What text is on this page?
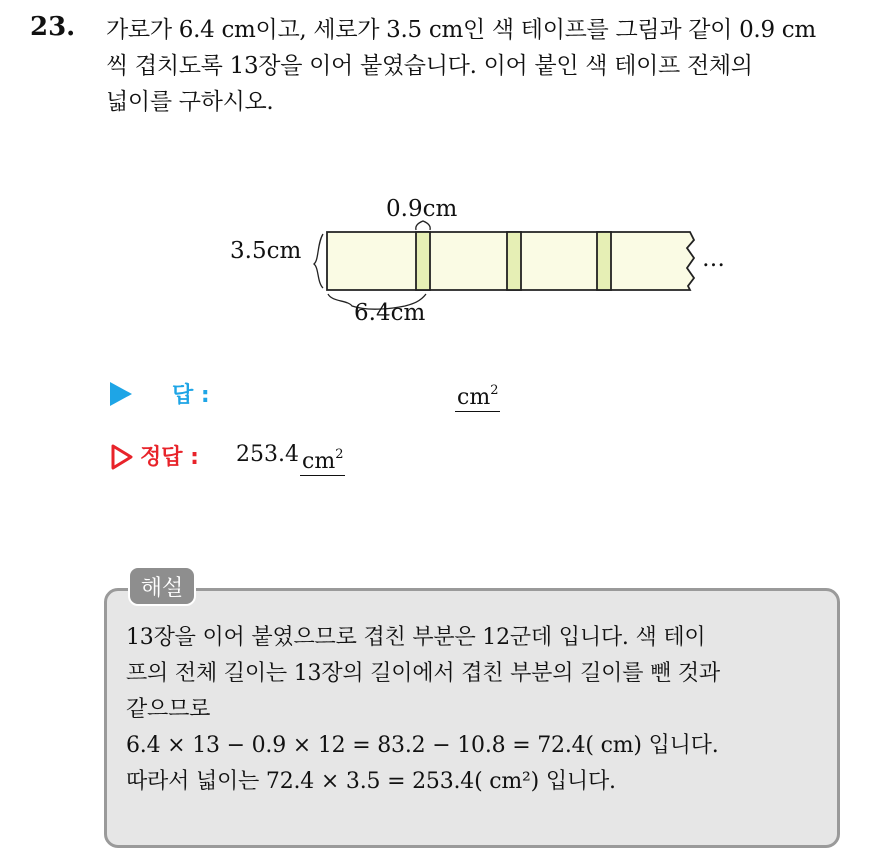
23. 가로가 6.4 cm이고, 세로가 3.5 cm인 색 테이프를 그림과 같이 0.9 cm
씩 겹치도록 13장을 이어 붙였습니다. 이어 붙인 색 테이프 전체의
넓이를 구하시오.
0.9cm
3.5cm
6.4cm
…
답 :	$cm^2$
정답 : 253.4 $cm^2$
해설
13장을 이어 붙였으므로 겹친 부분은 12군데 입니다. 색 테이
프의 전체 길이는 13장의 길이에서 겹친 부분의 길이를 뺀 것과
같으므로
6.4 × 13 − 0.9 × 12 = 83.2 − 10.8 = 72.4( cm) 입니다.
따라서 넓이는 72.4 × 3.5 = 253.4( cm²) 입니다.
